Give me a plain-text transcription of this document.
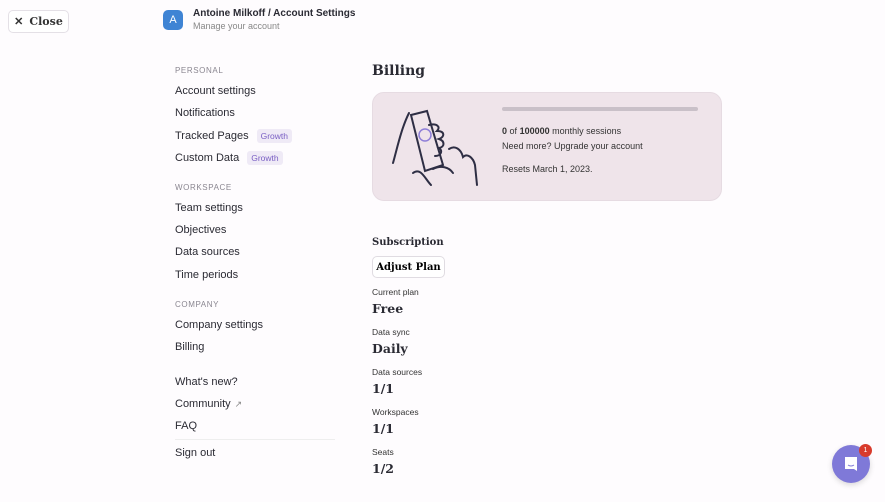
✕ Close	A
Antoine Milkoff / Account Settings
Manage your account
PERSONAL
Account settings
Notifications
Tracked Pages	Growth
Custom Data	Growth
WORKSPACE
Team settings
Objectives
Data sources
Time periods
COMPANY
Company settings
Billing
What's new?
Community ↗
FAQ
Sign out
Billing
0 of 100000 monthly sessions
Need more? Upgrade your account
Resets March 1, 2023.
Subscription
Adjust Plan
Current plan
Free
Data sync
Daily
Data sources
1/1
Workspaces
1/1
Seats
1/2
1
